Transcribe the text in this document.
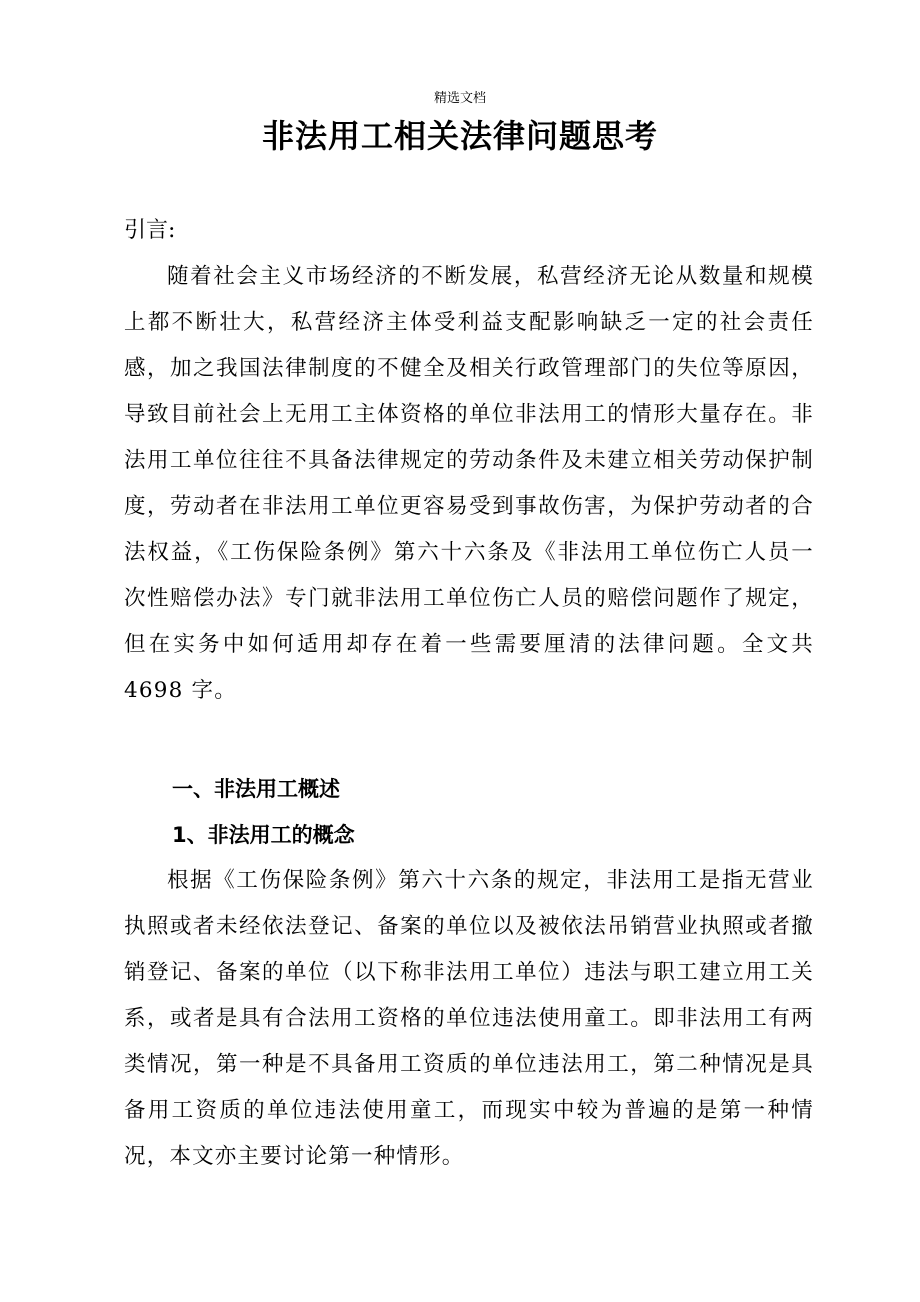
精选文档
非法用工相关法律问题思考
引言:

随着社会主义市场经济的不断发展，私营经济无论从数量和规模上都不断壮大，私营经济主体受利益支配影响缺乏一定的社会责任感，加之我国法律制度的不健全及相关行政管理部门的失位等原因，导致目前社会上无用工主体资格的单位非法用工的情形大量存在。非法用工单位往往不具备法律规定的劳动条件及未建立相关劳动保护制度，劳动者在非法用工单位更容易受到事故伤害，为保护劳动者的合法权益，《工伤保险条例》第六十六条及《非法用工单位伤亡人员一次性赔偿办法》专门就非法用工单位伤亡人员的赔偿问题作了规定，但在实务中如何适用却存在着一些需要厘清的法律问题。全文共 4698 字。

一、非法用工概述
1、非法用工的概念

根据《工伤保险条例》第六十六条的规定，非法用工是指无营业执照或者未经依法登记、备案的单位以及被依法吊销营业执照或者撤销登记、备案的单位（以下称非法用工单位）违法与职工建立用工关系，或者是具有合法用工资格的单位违法使用童工。即非法用工有两类情况，第一种是不具备用工资质的单位违法用工，第二种情况是具备用工资质的单位违法使用童工，而现实中较为普遍的是第一种情况，本文亦主要讨论第一种情形。
